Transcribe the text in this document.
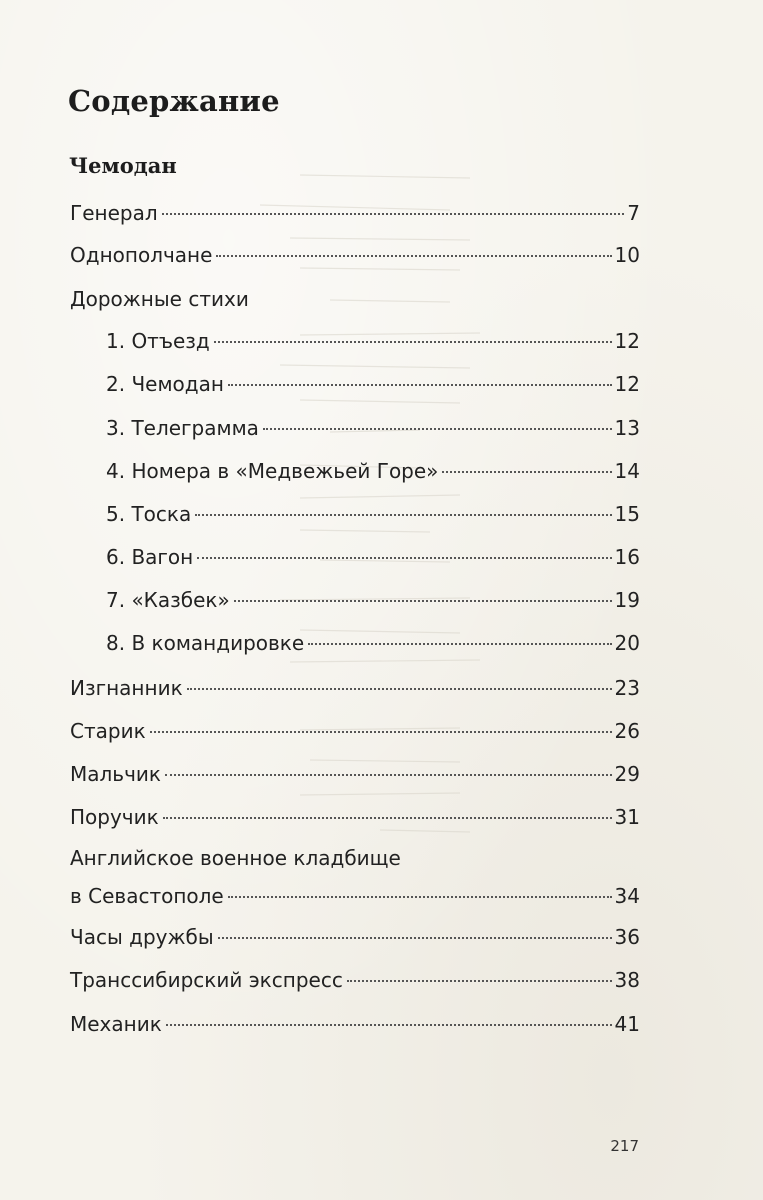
Содержание
Чемодан
Генерал	7
Однополчане	10
Дорожные стихи
1. Отъезд	12
2. Чемодан	12
3. Телеграмма	13
4. Номера в «Медвежьей Горе»	14
5. Тоска	15
6. Вагон	16
7. «Казбек»	19
8. В командировке	20
Изгнанник	23
Старик	26
Мальчик	29
Поручик	31
Английское военное кладбище
в Севастополе	34
Часы дружбы	36
Транссибирский экспресс	38
Механик	41
217
